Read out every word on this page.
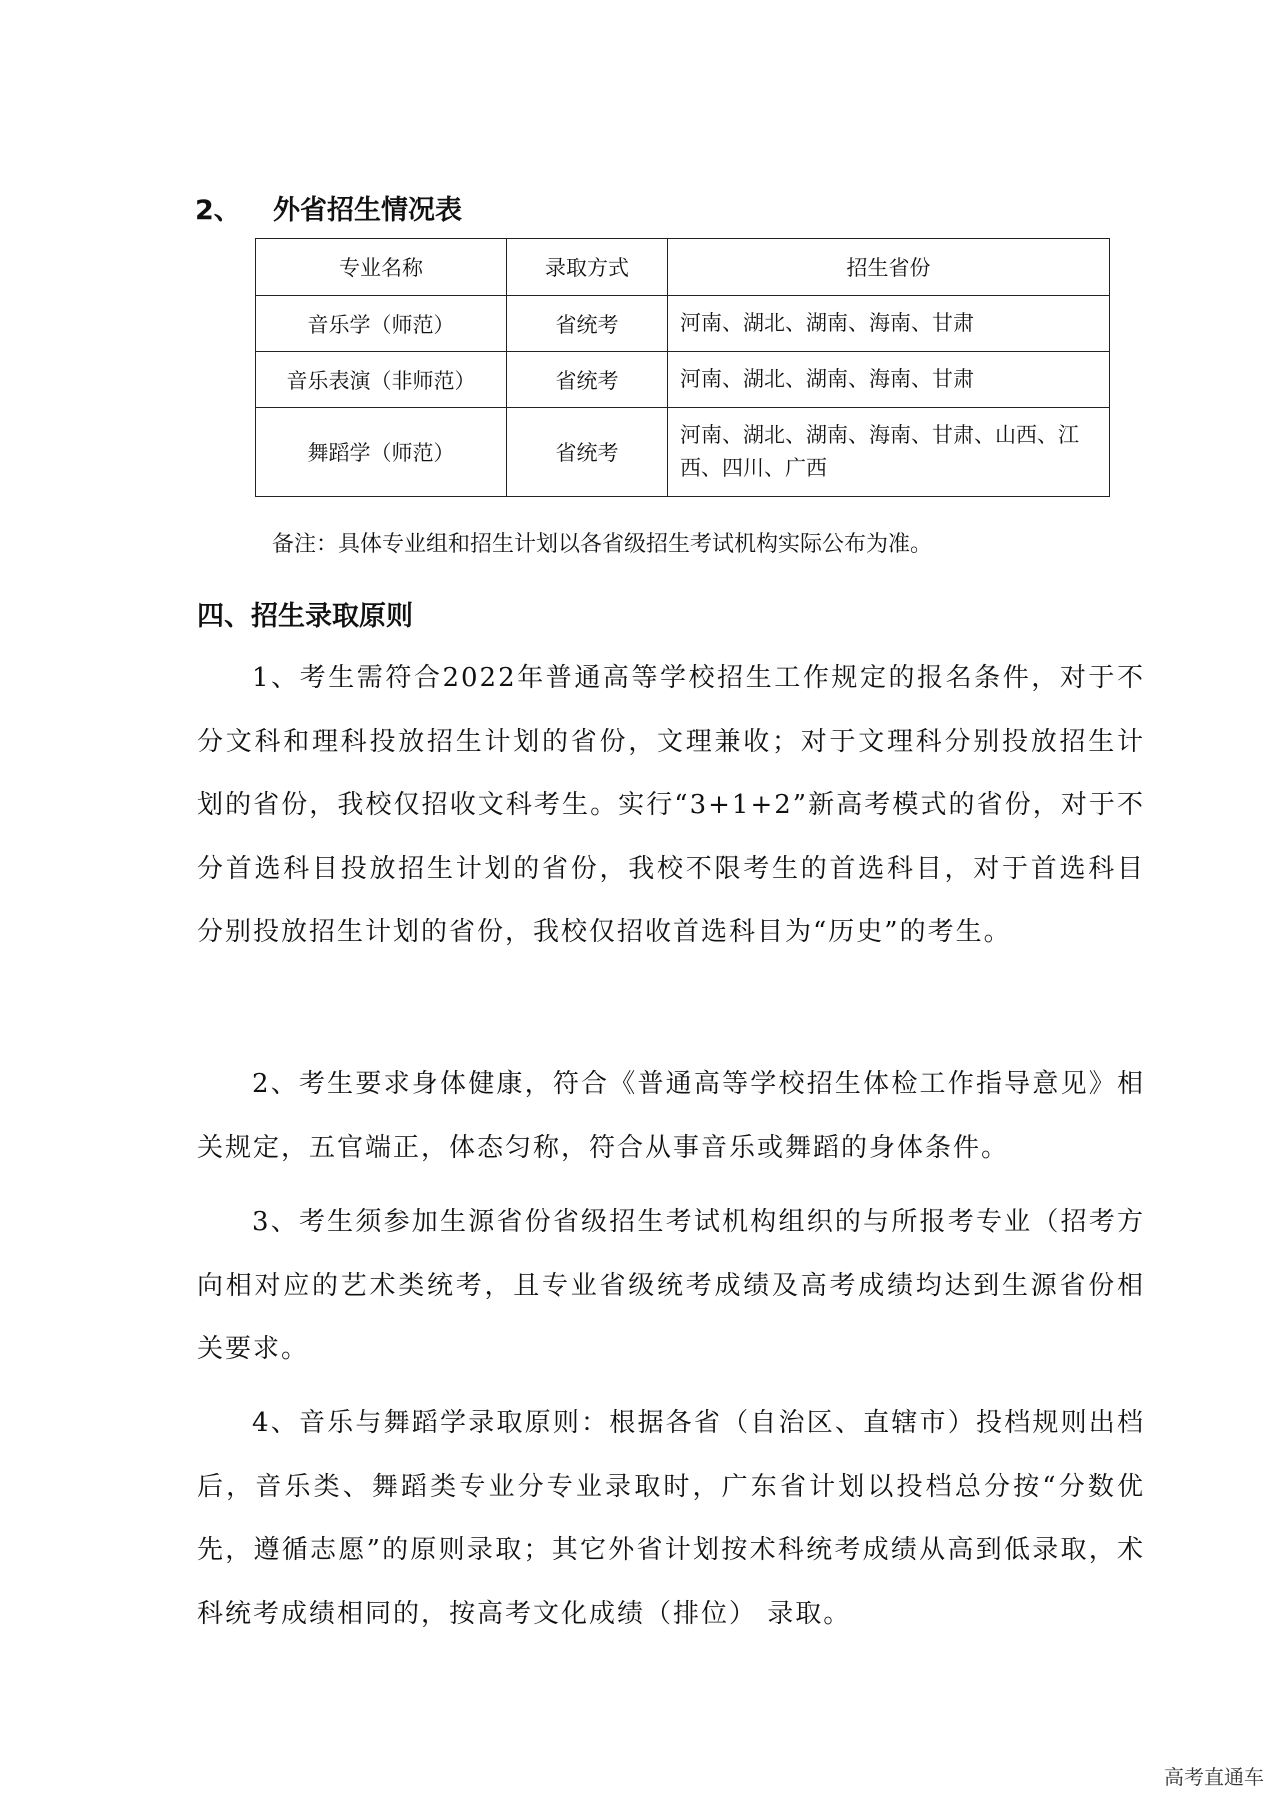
2、 外省招生情况表
专业名称	录取方式	招生省份
音乐学（师范）	省统考	河南、湖北、湖南、海南、甘肃
音乐表演（非师范）	省统考	河南、湖北、湖南、海南、甘肃
舞蹈学（师范）	省统考	河南、湖北、湖南、海南、甘肃、山西、江西、四川、广西
备注：具体专业组和招生计划以各省级招生考试机构实际公布为准。
四、招生录取原则

1、考生需符合2022年普通高等学校招生工作规定的报名条件，对于不分文科和理科投放招生计划的省份，文理兼收；对于文理科分别投放招生计划的省份，我校仅招收文科考生。实行“3+1+2”新高考模式的省份，对于不分首选科目投放招生计划的省份，我校不限考生的首选科目，对于首选科目分别投放招生计划的省份，我校仅招收首选科目为“历史”的考生。

2、考生要求身体健康，符合《普通高等学校招生体检工作指导意见》相关规定，五官端正，体态匀称，符合从事音乐或舞蹈的身体条件。

3、考生须参加生源省份省级招生考试机构组织的与所报考专业（招考方向相对应的艺术类统考，且专业省级统考成绩及高考成绩均达到生源省份相关要求。

4、音乐与舞蹈学录取原则：根据各省（自治区、直辖市）投档规则出档后，音乐类、舞蹈类专业分专业录取时，广东省计划以投档总分按“分数优先，遵循志愿”的原则录取；其它外省计划按术科统考成绩从高到低录取，术科统考成绩相同的，按高考文化成绩（排位） 录取。

高考直通车
